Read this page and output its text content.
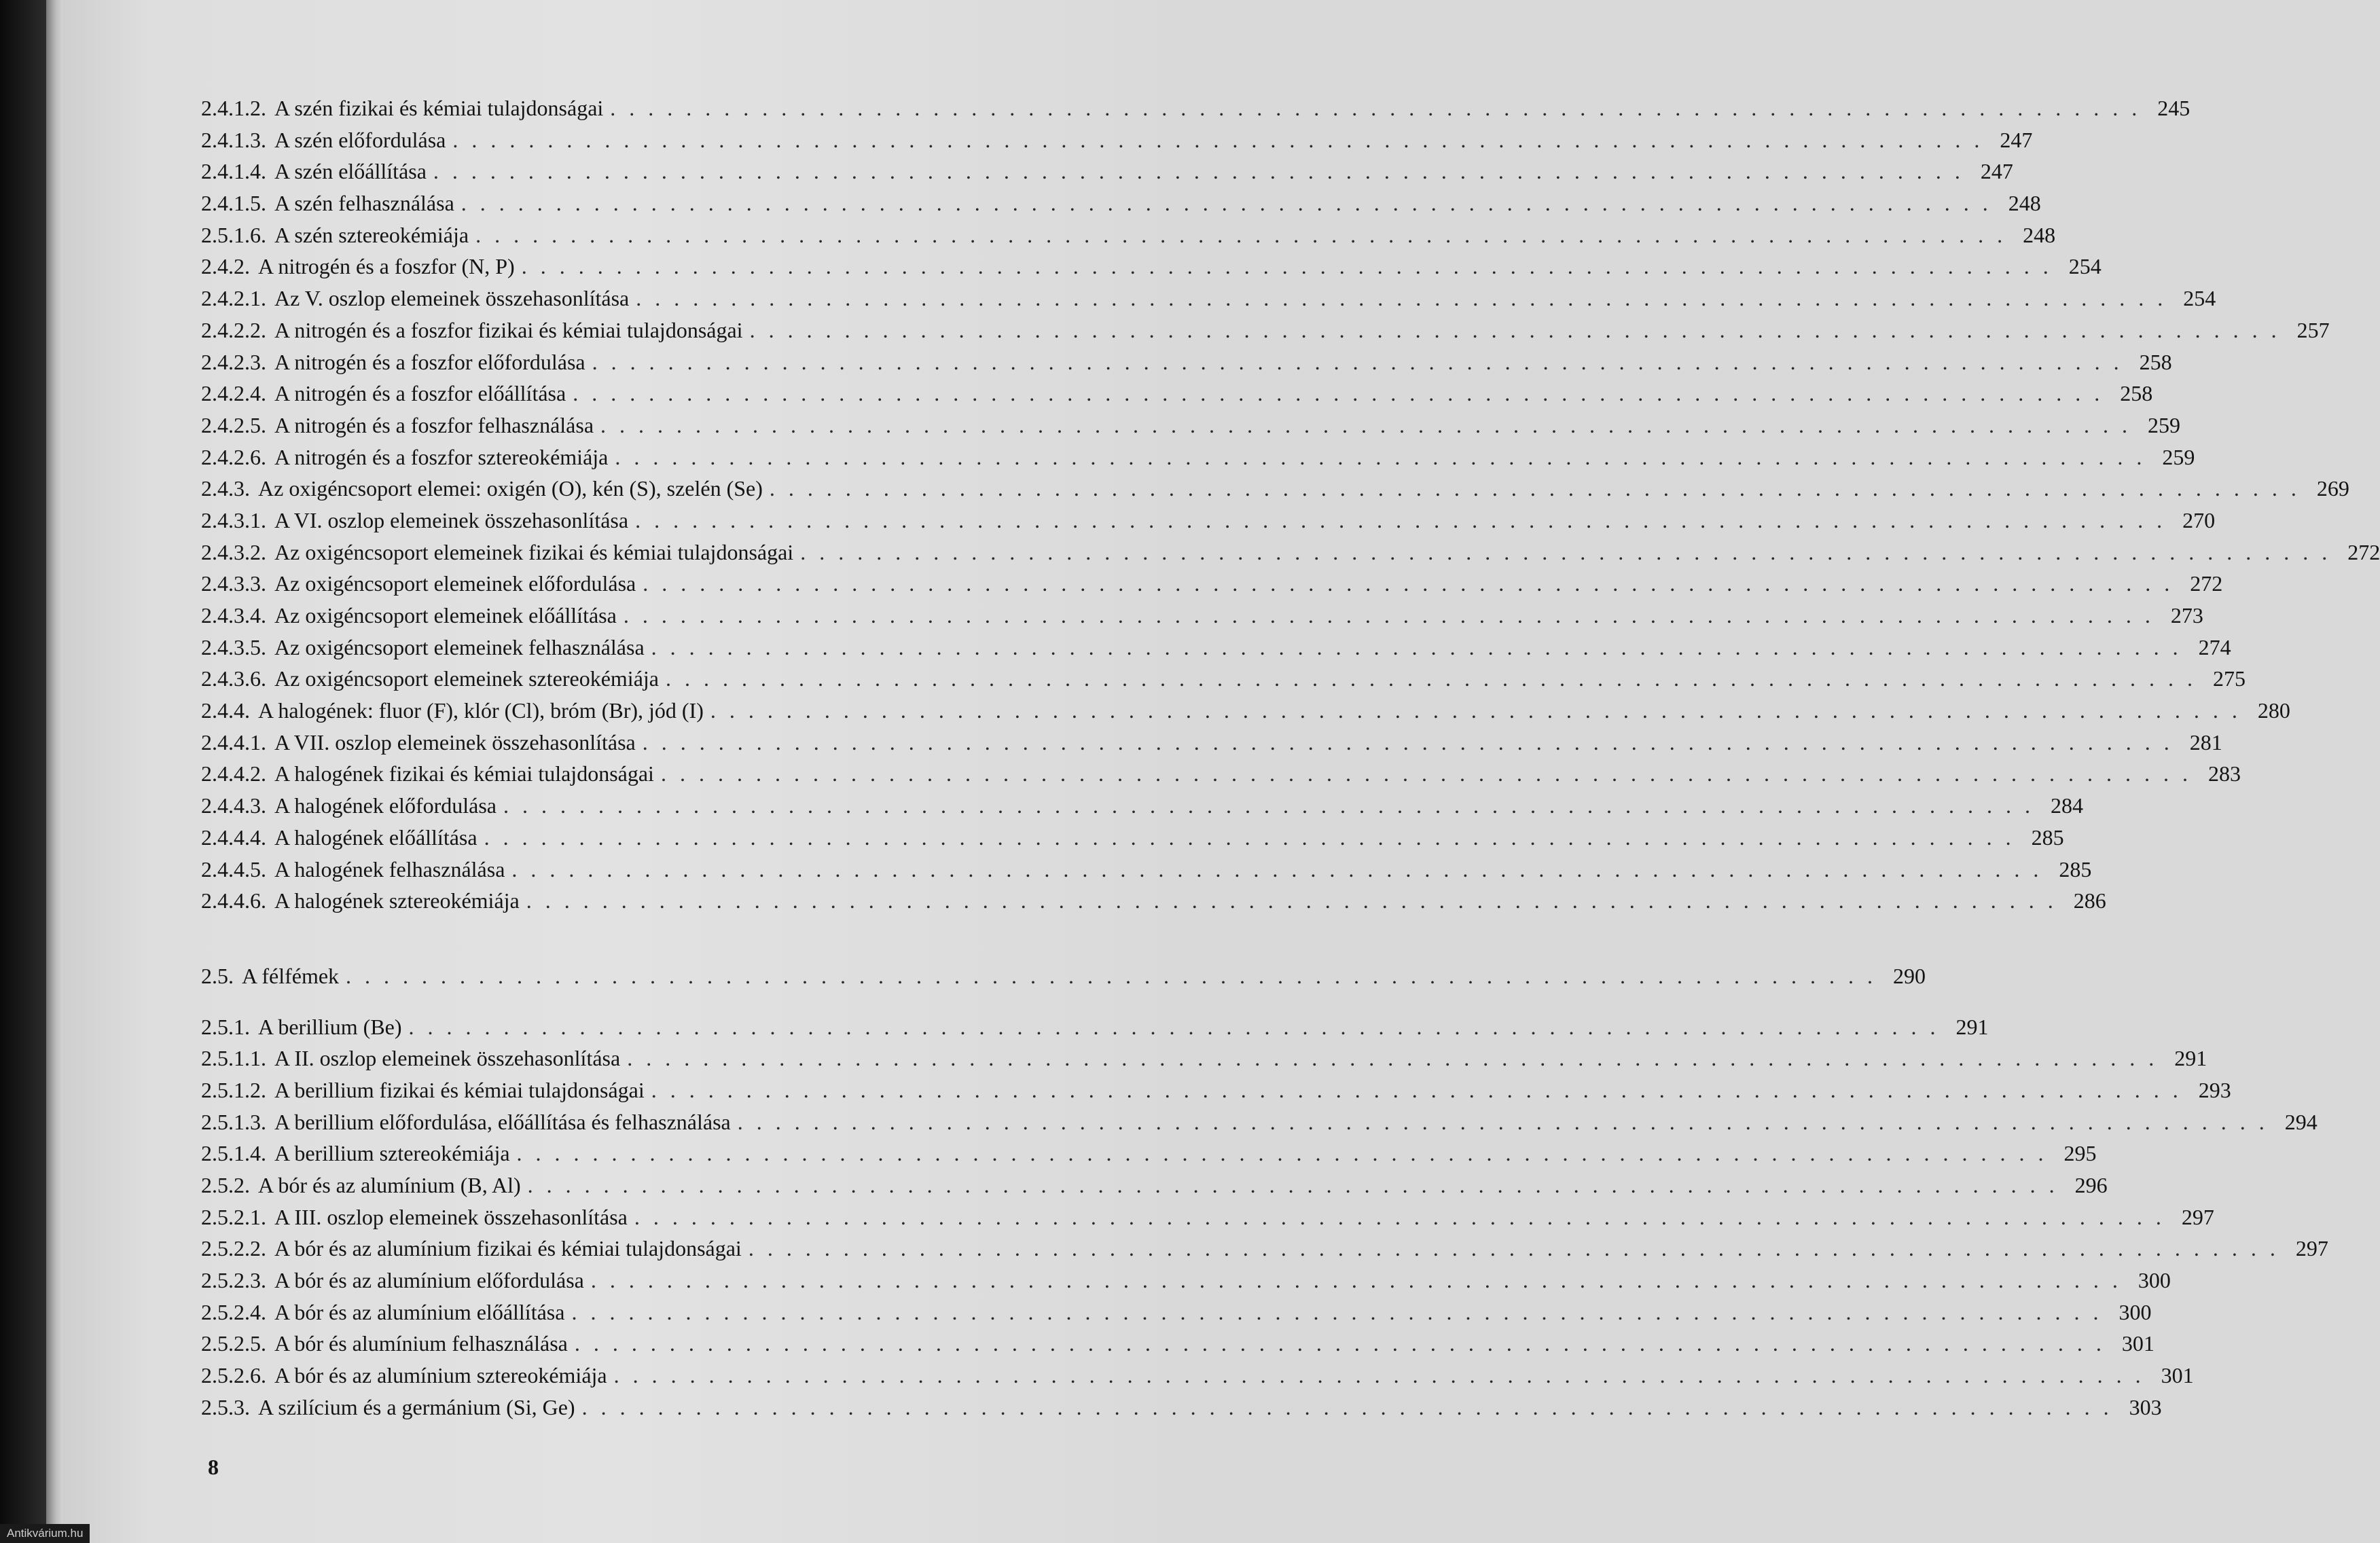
2.4.1.2. A szén fizikai és kémiai tulajdonságai . . . . . . . . . . . . . . . . . . . . . . . . . . . . . . . . . . . . . . . . . . . . . . . . . . . . . . . . . . . . . . . . . . . . . . . . . . . . . . . . . 245
2.4.1.3. A szén előfordulása . . . . . . . . . . . . . . . . . . . . . . . . . . . . . . . . . . . . . . . . . . . . . . . . . . . . . . . . . . . . . . . . . . . . . . . . . . . . . . . . . 247
2.4.1.4. A szén előállítása . . . . . . . . . . . . . . . . . . . . . . . . . . . . . . . . . . . . . . . . . . . . . . . . . . . . . . . . . . . . . . . . . . . . . . . . . . . . . . . . . 247
2.4.1.5. A szén felhasználása . . . . . . . . . . . . . . . . . . . . . . . . . . . . . . . . . . . . . . . . . . . . . . . . . . . . . . . . . . . . . . . . . . . . . . . . . . . . . . . . . 248
2.5.1.6. A szén sztereokémiája . . . . . . . . . . . . . . . . . . . . . . . . . . . . . . . . . . . . . . . . . . . . . . . . . . . . . . . . . . . . . . . . . . . . . . . . . . . . . . . . . 248
2.4.2. A nitrogén és a foszfor (N, P) . . . . . . . . . . . . . . . . . . . . . . . . . . . . . . . . . . . . . . . . . . . . . . . . . . . . . . . . . . . . . . . . . . . . . . . . . . . . . . . . . 254
2.4.2.1. Az V. oszlop elemeinek összehasonlítása . . . . . . . . . . . . . . . . . . . . . . . . . . . . . . . . . . . . . . . . . . . . . . . . . . . . . . . . . . . . . . . . . . . . . . . . . . . . . . . . . 254
2.4.2.2. A nitrogén és a foszfor fizikai és kémiai tulajdonságai . . . . . . . . . . . . . . . . . . . . . . . . . . . . . . . . . . . . . . . . . . . . . . . . . . . . . . . . . . . . . . . . . . . . . . . . . . . . . . . . . 257
2.4.2.3. A nitrogén és a foszfor előfordulása . . . . . . . . . . . . . . . . . . . . . . . . . . . . . . . . . . . . . . . . . . . . . . . . . . . . . . . . . . . . . . . . . . . . . . . . . . . . . . . . . 258
2.4.2.4. A nitrogén és a foszfor előállítása . . . . . . . . . . . . . . . . . . . . . . . . . . . . . . . . . . . . . . . . . . . . . . . . . . . . . . . . . . . . . . . . . . . . . . . . . . . . . . . . . 258
2.4.2.5. A nitrogén és a foszfor felhasználása . . . . . . . . . . . . . . . . . . . . . . . . . . . . . . . . . . . . . . . . . . . . . . . . . . . . . . . . . . . . . . . . . . . . . . . . . . . . . . . . . 259
2.4.2.6. A nitrogén és a foszfor sztereokémiája . . . . . . . . . . . . . . . . . . . . . . . . . . . . . . . . . . . . . . . . . . . . . . . . . . . . . . . . . . . . . . . . . . . . . . . . . . . . . . . . . 259
2.4.3. Az oxigéncsoport elemei: oxigén (O), kén (S), szelén (Se) . . . . . . . . . . . . . . . . . . . . . . . . . . . . . . . . . . . . . . . . . . . . . . . . . . . . . . . . . . . . . . . . . . . . . . . . . . . . . . . . . 269
2.4.3.1. A VI. oszlop elemeinek összehasonlítása . . . . . . . . . . . . . . . . . . . . . . . . . . . . . . . . . . . . . . . . . . . . . . . . . . . . . . . . . . . . . . . . . . . . . . . . . . . . . . . . . 270
2.4.3.2. Az oxigéncsoport elemeinek fizikai és kémiai tulajdonságai . . . . . . . . . . . . . . . . . . . . . . . . . . . . . . . . . . . . . . . . . . . . . . . . . . . . . . . . . . . . . . . . . . . . . . . . . . . . . . . . . 272
2.4.3.3. Az oxigéncsoport elemeinek előfordulása . . . . . . . . . . . . . . . . . . . . . . . . . . . . . . . . . . . . . . . . . . . . . . . . . . . . . . . . . . . . . . . . . . . . . . . . . . . . . . . . . 272
2.4.3.4. Az oxigéncsoport elemeinek előállítása . . . . . . . . . . . . . . . . . . . . . . . . . . . . . . . . . . . . . . . . . . . . . . . . . . . . . . . . . . . . . . . . . . . . . . . . . . . . . . . . . 273
2.4.3.5. Az oxigéncsoport elemeinek felhasználása . . . . . . . . . . . . . . . . . . . . . . . . . . . . . . . . . . . . . . . . . . . . . . . . . . . . . . . . . . . . . . . . . . . . . . . . . . . . . . . . . 274
2.4.3.6. Az oxigéncsoport elemeinek sztereokémiája . . . . . . . . . . . . . . . . . . . . . . . . . . . . . . . . . . . . . . . . . . . . . . . . . . . . . . . . . . . . . . . . . . . . . . . . . . . . . . . . . 275
2.4.4. A halogének: fluor (F), klór (Cl), bróm (Br), jód (I) . . . . . . . . . . . . . . . . . . . . . . . . . . . . . . . . . . . . . . . . . . . . . . . . . . . . . . . . . . . . . . . . . . . . . . . . . . . . . . . . . 280
2.4.4.1. A VII. oszlop elemeinek összehasonlítása . . . . . . . . . . . . . . . . . . . . . . . . . . . . . . . . . . . . . . . . . . . . . . . . . . . . . . . . . . . . . . . . . . . . . . . . . . . . . . . . . 281
2.4.4.2. A halogének fizikai és kémiai tulajdonságai . . . . . . . . . . . . . . . . . . . . . . . . . . . . . . . . . . . . . . . . . . . . . . . . . . . . . . . . . . . . . . . . . . . . . . . . . . . . . . . . . 283
2.4.4.3. A halogének előfordulása . . . . . . . . . . . . . . . . . . . . . . . . . . . . . . . . . . . . . . . . . . . . . . . . . . . . . . . . . . . . . . . . . . . . . . . . . . . . . . . . . 284
2.4.4.4. A halogének előállítása . . . . . . . . . . . . . . . . . . . . . . . . . . . . . . . . . . . . . . . . . . . . . . . . . . . . . . . . . . . . . . . . . . . . . . . . . . . . . . . . . 285
2.4.4.5. A halogének felhasználása . . . . . . . . . . . . . . . . . . . . . . . . . . . . . . . . . . . . . . . . . . . . . . . . . . . . . . . . . . . . . . . . . . . . . . . . . . . . . . . . . 285
2.4.4.6. A halogének sztereokémiája . . . . . . . . . . . . . . . . . . . . . . . . . . . . . . . . . . . . . . . . . . . . . . . . . . . . . . . . . . . . . . . . . . . . . . . . . . . . . . . . . 286
2.5. A félfémek . . . . . . . . . . . . . . . . . . . . . . . . . . . . . . . . . . . . . . . . . . . . . . . . . . . . . . . . . . . . . . . . . . . . . . . . . . . . . . . . . 290
2.5.1. A berillium (Be) . . . . . . . . . . . . . . . . . . . . . . . . . . . . . . . . . . . . . . . . . . . . . . . . . . . . . . . . . . . . . . . . . . . . . . . . . . . . . . . . . 291
2.5.1.1. A II. oszlop elemeinek összehasonlítása . . . . . . . . . . . . . . . . . . . . . . . . . . . . . . . . . . . . . . . . . . . . . . . . . . . . . . . . . . . . . . . . . . . . . . . . . . . . . . . . . 291
2.5.1.2. A berillium fizikai és kémiai tulajdonságai . . . . . . . . . . . . . . . . . . . . . . . . . . . . . . . . . . . . . . . . . . . . . . . . . . . . . . . . . . . . . . . . . . . . . . . . . . . . . . . . . 293
2.5.1.3. A berillium előfordulása, előállítása és felhasználása . . . . . . . . . . . . . . . . . . . . . . . . . . . . . . . . . . . . . . . . . . . . . . . . . . . . . . . . . . . . . . . . . . . . . . . . . . . . . . . . . 294
2.5.1.4. A berillium sztereokémiája . . . . . . . . . . . . . . . . . . . . . . . . . . . . . . . . . . . . . . . . . . . . . . . . . . . . . . . . . . . . . . . . . . . . . . . . . . . . . . . . . 295
2.5.2. A bór és az alumínium (B, Al) . . . . . . . . . . . . . . . . . . . . . . . . . . . . . . . . . . . . . . . . . . . . . . . . . . . . . . . . . . . . . . . . . . . . . . . . . . . . . . . . . 296
2.5.2.1. A III. oszlop elemeinek összehasonlítása . . . . . . . . . . . . . . . . . . . . . . . . . . . . . . . . . . . . . . . . . . . . . . . . . . . . . . . . . . . . . . . . . . . . . . . . . . . . . . . . . 297
2.5.2.2. A bór és az alumínium fizikai és kémiai tulajdonságai . . . . . . . . . . . . . . . . . . . . . . . . . . . . . . . . . . . . . . . . . . . . . . . . . . . . . . . . . . . . . . . . . . . . . . . . . . . . . . . . . 297
2.5.2.3. A bór és az alumínium előfordulása . . . . . . . . . . . . . . . . . . . . . . . . . . . . . . . . . . . . . . . . . . . . . . . . . . . . . . . . . . . . . . . . . . . . . . . . . . . . . . . . . 300
2.5.2.4. A bór és az alumínium előállítása . . . . . . . . . . . . . . . . . . . . . . . . . . . . . . . . . . . . . . . . . . . . . . . . . . . . . . . . . . . . . . . . . . . . . . . . . . . . . . . . . 300
2.5.2.5. A bór és alumínium felhasználása . . . . . . . . . . . . . . . . . . . . . . . . . . . . . . . . . . . . . . . . . . . . . . . . . . . . . . . . . . . . . . . . . . . . . . . . . . . . . . . . . 301
2.5.2.6. A bór és az alumínium sztereokémiája . . . . . . . . . . . . . . . . . . . . . . . . . . . . . . . . . . . . . . . . . . . . . . . . . . . . . . . . . . . . . . . . . . . . . . . . . . . . . . . . . 301
2.5.3. A szilícium és a germánium (Si, Ge) . . . . . . . . . . . . . . . . . . . . . . . . . . . . . . . . . . . . . . . . . . . . . . . . . . . . . . . . . . . . . . . . . . . . . . . . . . . . . . . . . 303
8
Antikvárium.hu
